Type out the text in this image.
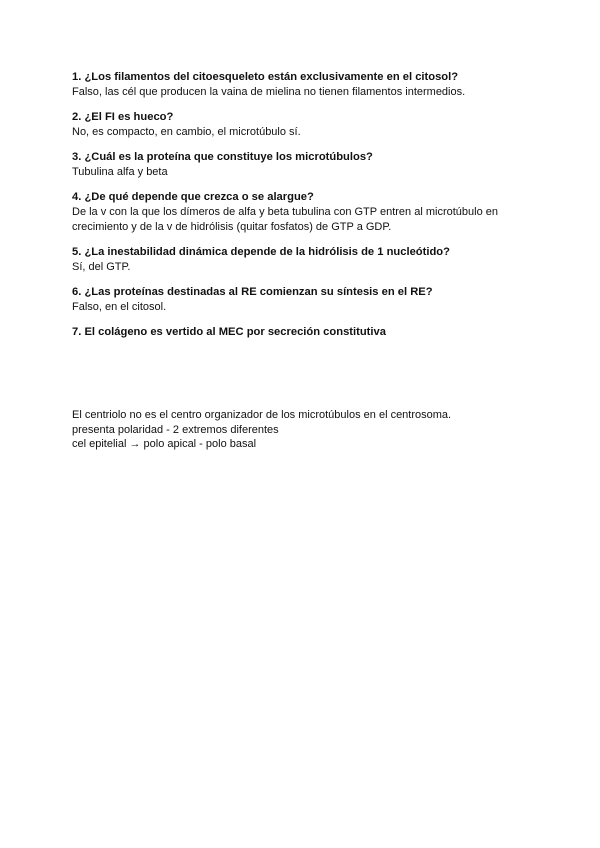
1. ¿Los filamentos del citoesqueleto están exclusivamente en el citosol?
Falso, las cél que producen la vaina de mielina no tienen filamentos intermedios.
2. ¿El FI es hueco?
No, es compacto, en cambio, el microtúbulo sí.
3. ¿Cuál es la proteína que constituye los microtúbulos?
Tubulina alfa y beta
4. ¿De qué depende que crezca o se alargue?
De la v con la que los dímeros de alfa y beta tubulina con GTP entren al microtúbulo en
crecimiento y de la v de hidrólisis (quitar fosfatos) de GTP a GDP.
5. ¿La inestabilidad dinámica depende de la hidrólisis de 1 nucleótido?
Sí, del GTP.
6. ¿Las proteínas destinadas al RE comienzan su síntesis en el RE?
Falso, en el citosol.
7. El colágeno es vertido al MEC por secreción constitutiva
El centriolo no es el centro organizador de los microtúbulos en el centrosoma.
presenta polaridad - 2 extremos diferentes
cel epitelial → polo apical - polo basal
